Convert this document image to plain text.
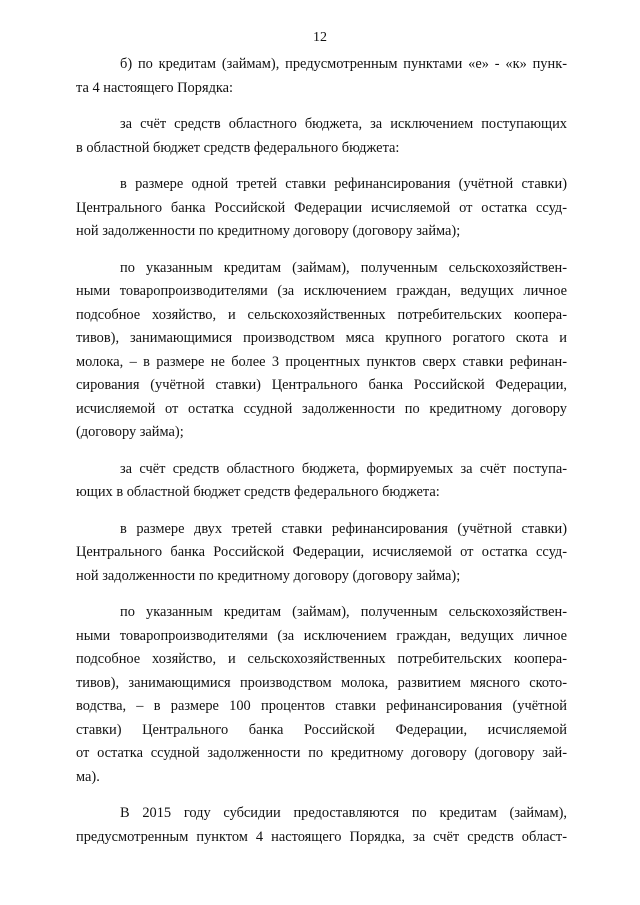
12

б) по кредитам (займам), предусмотренным пунктами «е» - «к» пунк-
та 4 настоящего Порядка:

за счёт средств областного бюджета, за исключением поступающих
в областной бюджет средств федерального бюджета:

в размере одной третей ставки рефинансирования (учётной ставки)
Центрального банка Российской Федерации исчисляемой от остатка ссуд-
ной задолженности по кредитному договору (договору займа);

по указанным кредитам (займам), полученным сельскохозяйствен-
ными товаропроизводителями (за исключением граждан, ведущих личное
подсобное хозяйство, и сельскохозяйственных потребительских коопера-
тивов), занимающимися производством мяса крупного рогатого скота и
молока, – в размере не более 3 процентных пунктов сверх ставки рефинан-
сирования (учётной ставки) Центрального банка Российской Федерации,
исчисляемой от остатка ссудной задолженности по кредитному договору
(договору займа);

за счёт средств областного бюджета, формируемых за счёт поступа-
ющих в областной бюджет средств федерального бюджета:

в размере двух третей ставки рефинансирования (учётной ставки)
Центрального банка Российской Федерации, исчисляемой от остатка ссуд-
ной задолженности по кредитному договору (договору займа);

по указанным кредитам (займам), полученным сельскохозяйствен-
ными товаропроизводителями (за исключением граждан, ведущих личное
подсобное хозяйство, и сельскохозяйственных потребительских коопера-
тивов), занимающимися производством молока, развитием мясного ското-
водства, – в размере 100 процентов ставки рефинансирования (учётной
ставки) Центрального банка Российской Федерации, исчисляемой
от остатка ссудной задолженности по кредитному договору (договору зай-
ма).

В 2015 году субсидии предоставляются по кредитам (займам),
предусмотренным пунктом 4 настоящего Порядка, за счёт средств област-
